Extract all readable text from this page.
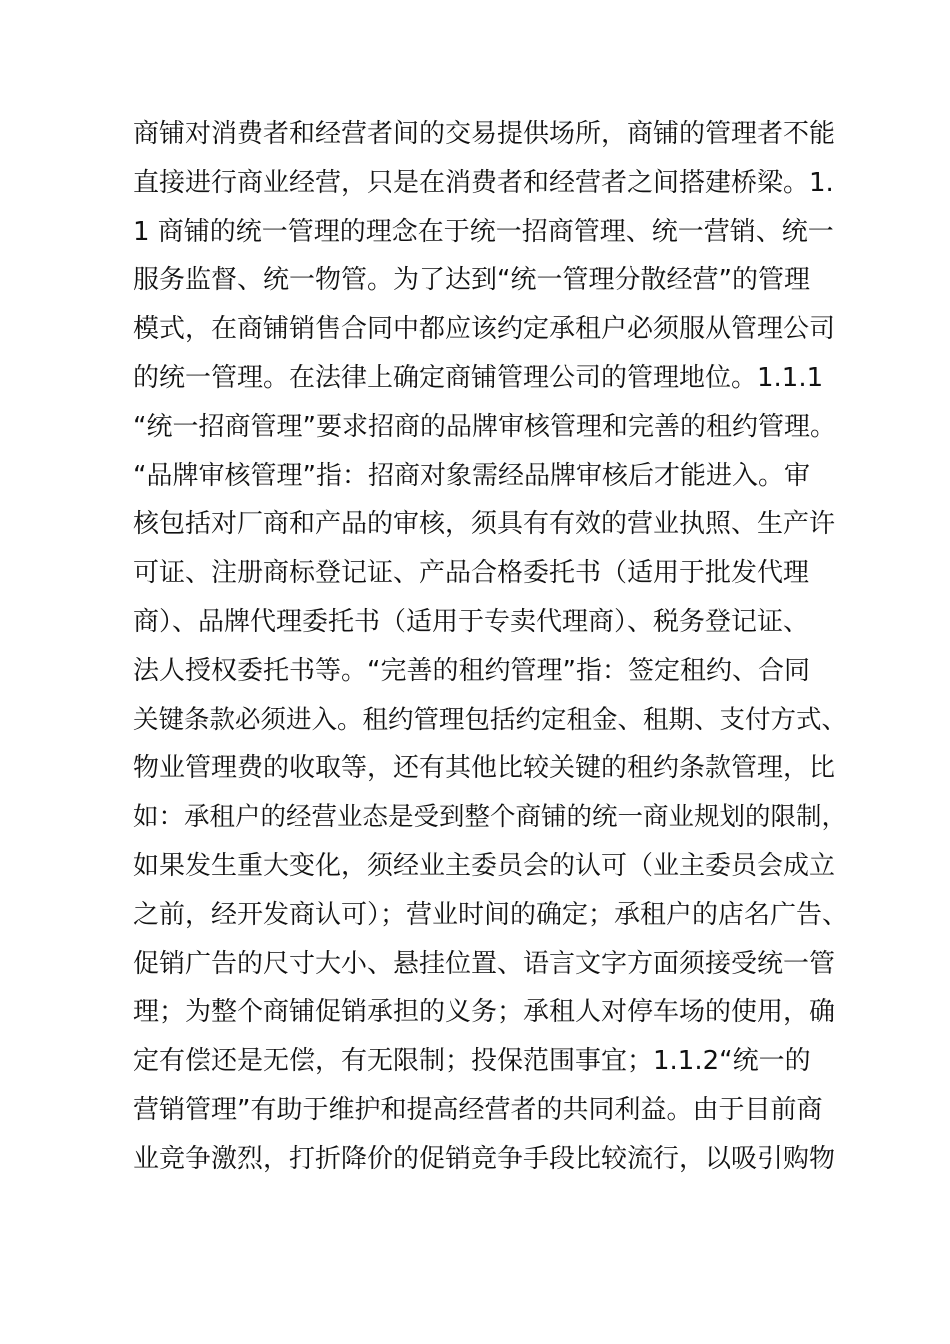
商铺对消费者和经营者间的交易提供场所，商铺的管理者不能
直接进行商业经营，只是在消费者和经营者之间搭建桥梁。1.
1 商铺的统一管理的理念在于统一招商管理、统一营销、统一
服务监督、统一物管。为了达到“统一管理分散经营”的管理
模式，在商铺销售合同中都应该约定承租户必须服从管理公司
的统一管理。在法律上确定商铺管理公司的管理地位。1.1.1
“统一招商管理”要求招商的品牌审核管理和完善的租约管理。
“品牌审核管理”指：招商对象需经品牌审核后才能进入。审
核包括对厂商和产品的审核，须具有有效的营业执照、生产许
可证、注册商标登记证、产品合格委托书（适用于批发代理
商）、品牌代理委托书（适用于专卖代理商）、税务登记证、
法人授权委托书等。“完善的租约管理”指：签定租约、合同
关键条款必须进入。租约管理包括约定租金、租期、支付方式、
物业管理费的收取等，还有其他比较关键的租约条款管理，比
如：承租户的经营业态是受到整个商铺的统一商业规划的限制，
如果发生重大变化，须经业主委员会的认可（业主委员会成立
之前，经开发商认可）；营业时间的确定；承租户的店名广告、
促销广告的尺寸大小、悬挂位置、语言文字方面须接受统一管
理；为整个商铺促销承担的义务；承租人对停车场的使用，确
定有偿还是无偿，有无限制；投保范围事宜；1.1.2“统一的
营销管理”有助于维护和提高经营者的共同利益。由于目前商
业竞争激烈，打折降价的促销竞争手段比较流行，以吸引购物
